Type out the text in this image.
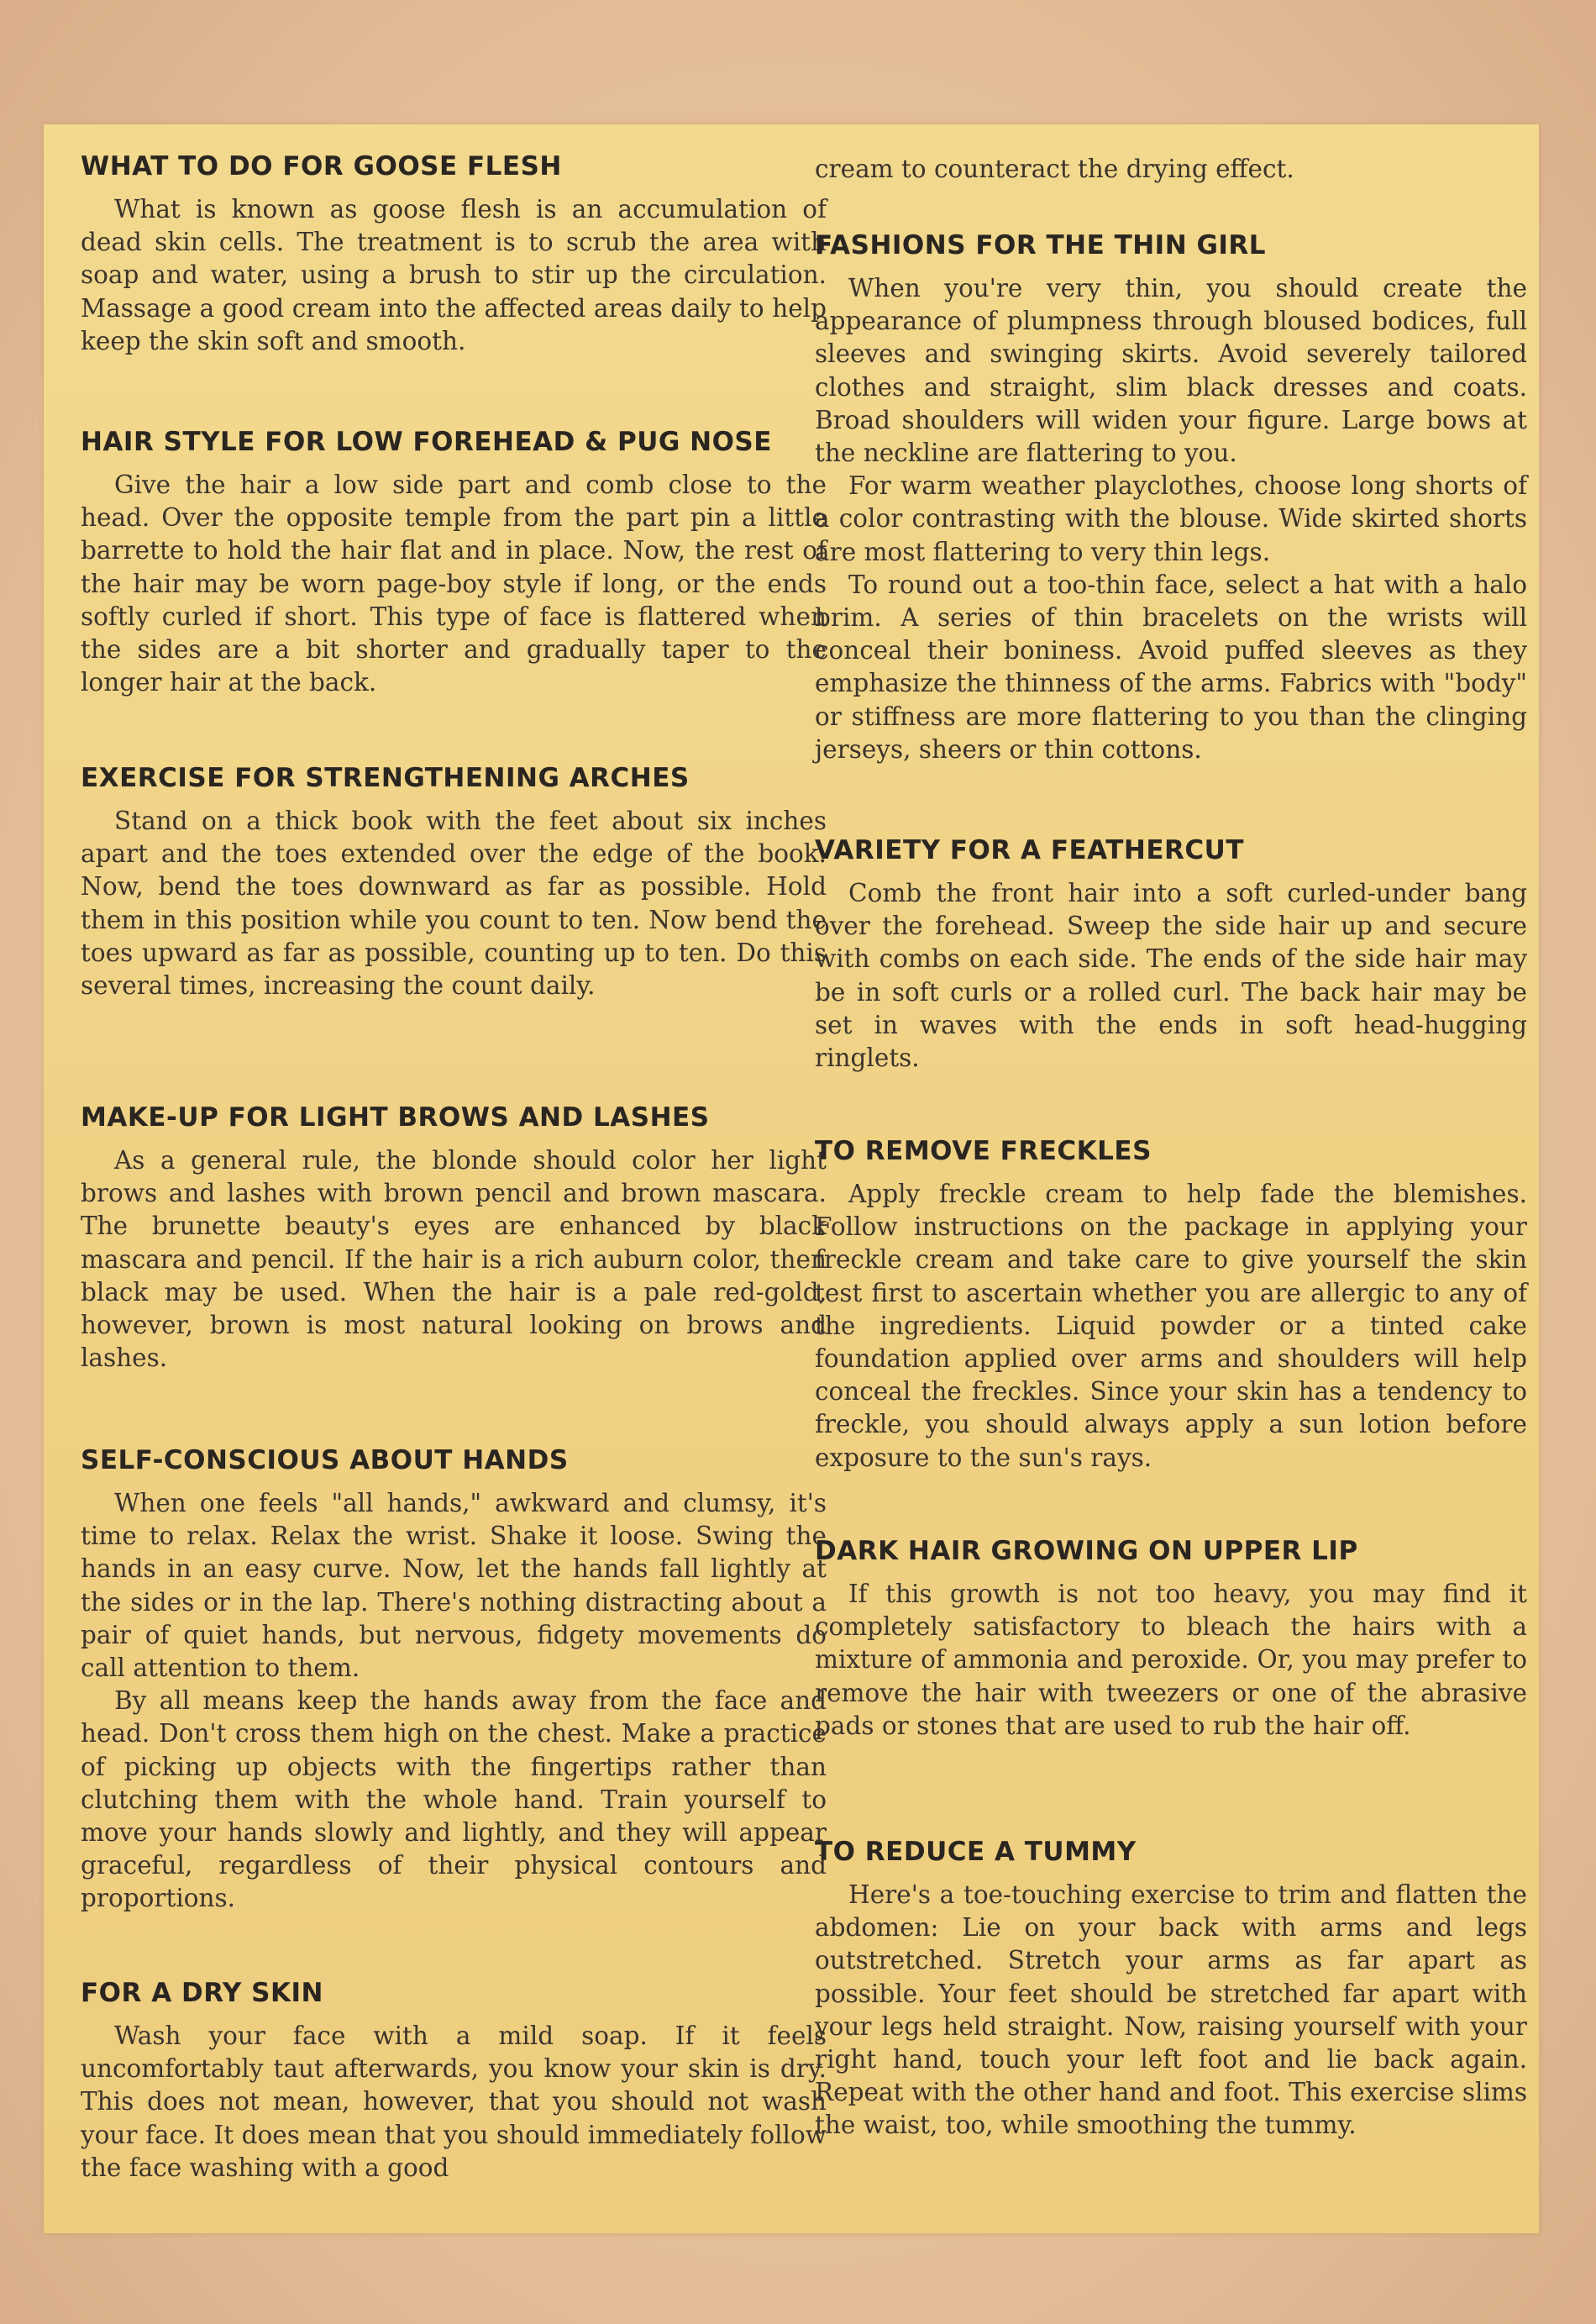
WHAT TO DO FOR GOOSE FLESH

What is known as goose flesh is an accumulation of dead skin cells. The treatment is to scrub the area with soap and water, using a brush to stir up the circulation. Massage a good cream into the affected areas daily to help keep the skin soft and smooth.

HAIR STYLE FOR LOW FOREHEAD & PUG NOSE

Give the hair a low side part and comb close to the head. Over the opposite temple from the part pin a little barrette to hold the hair flat and in place. Now, the rest of the hair may be worn page-boy style if long, or the ends softly curled if short. This type of face is flattered when the sides are a bit shorter and gradually taper to the longer hair at the back.

EXERCISE FOR STRENGTHENING ARCHES

Stand on a thick book with the feet about six inches apart and the toes extended over the edge of the book. Now, bend the toes downward as far as possible. Hold them in this position while you count to ten. Now bend the toes upward as far as possible, counting up to ten. Do this several times, increasing the count daily.

MAKE-UP FOR LIGHT BROWS AND LASHES

As a general rule, the blonde should color her light brows and lashes with brown pencil and brown mascara. The brunette beauty's eyes are enhanced by black mascara and pencil. If the hair is a rich auburn color, then black may be used. When the hair is a pale red-gold, however, brown is most natural looking on brows and lashes.

SELF-CONSCIOUS ABOUT HANDS

When one feels "all hands," awkward and clumsy, it's time to relax. Relax the wrist. Shake it loose. Swing the hands in an easy curve. Now, let the hands fall lightly at the sides or in the lap. There's nothing distracting about a pair of quiet hands, but nervous, fidgety movements do call attention to them.

By all means keep the hands away from the face and head. Don't cross them high on the chest. Make a practice of picking up objects with the fingertips rather than clutching them with the whole hand. Train yourself to move your hands slowly and lightly, and they will appear graceful, regardless of their physical contours and proportions.

FOR A DRY SKIN

Wash your face with a mild soap. If it feels uncomfortably taut afterwards, you know your skin is dry. This does not mean, however, that you should not wash your face. It does mean that you should immediately follow the face washing with a good

cream to counteract the drying effect.

FASHIONS FOR THE THIN GIRL

When you're very thin, you should create the appearance of plumpness through bloused bodices, full sleeves and swinging skirts. Avoid severely tailored clothes and straight, slim black dresses and coats. Broad shoulders will widen your figure. Large bows at the neckline are flattering to you.

For warm weather playclothes, choose long shorts of a color contrasting with the blouse. Wide skirted shorts are most flattering to very thin legs.

To round out a too-thin face, select a hat with a halo brim. A series of thin bracelets on the wrists will conceal their boniness. Avoid puffed sleeves as they emphasize the thinness of the arms. Fabrics with "body" or stiffness are more flattering to you than the clinging jerseys, sheers or thin cottons.

VARIETY FOR A FEATHERCUT

Comb the front hair into a soft curled-under bang over the forehead. Sweep the side hair up and secure with combs on each side. The ends of the side hair may be in soft curls or a rolled curl. The back hair may be set in waves with the ends in soft head-hugging ringlets.

TO REMOVE FRECKLES

Apply freckle cream to help fade the blemishes. Follow instructions on the package in applying your freckle cream and take care to give yourself the skin test first to ascertain whether you are allergic to any of the ingredients. Liquid powder or a tinted cake foundation applied over arms and shoulders will help conceal the freckles. Since your skin has a tendency to freckle, you should always apply a sun lotion before exposure to the sun's rays.

DARK HAIR GROWING ON UPPER LIP

If this growth is not too heavy, you may find it completely satisfactory to bleach the hairs with a mixture of ammonia and peroxide. Or, you may prefer to remove the hair with tweezers or one of the abrasive pads or stones that are used to rub the hair off.

TO REDUCE A TUMMY

Here's a toe-touching exercise to trim and flatten the abdomen: Lie on your back with arms and legs outstretched. Stretch your arms as far apart as possible. Your feet should be stretched far apart with your legs held straight. Now, raising yourself with your right hand, touch your left foot and lie back again. Repeat with the other hand and foot. This exercise slims the waist, too, while smoothing the tummy.
